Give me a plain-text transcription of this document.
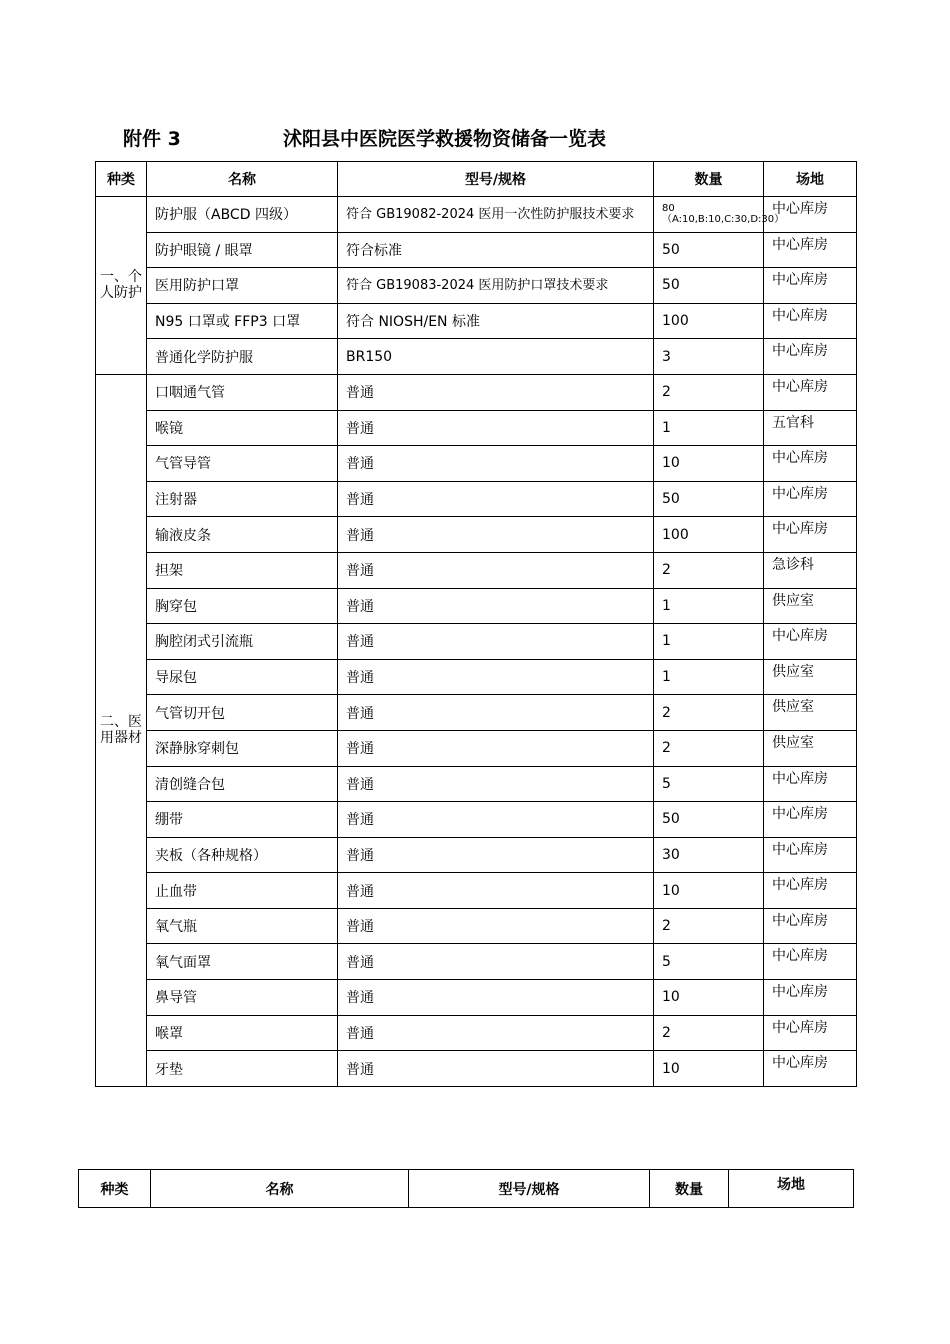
附件 3	沭阳县中医院医学救援物资储备一览表
种类	名称	型号/规格	数量	场地
一、个人防护	防护服（ABCD 四级）	符合 GB19082-2024 医用一次性防护服技术要求	80（A:10,B:10,C:30,D:30）	中心库房
	防护眼镜 / 眼罩	符合标准	50	中心库房
	医用防护口罩	符合 GB19083-2024 医用防护口罩技术要求	50	中心库房
	N95 口罩或 FFP3 口罩	符合 NIOSH/EN 标准	100	中心库房
	普通化学防护服	BR150	3	中心库房
二、医用器材	口咽通气管	普通	2	中心库房
	喉镜	普通	1	五官科
	气管导管	普通	10	中心库房
	注射器	普通	50	中心库房
	输液皮条	普通	100	中心库房
	担架	普通	2	急诊科
	胸穿包	普通	1	供应室
	胸腔闭式引流瓶	普通	1	中心库房
	导尿包	普通	1	供应室
	气管切开包	普通	2	供应室
	深静脉穿刺包	普通	2	供应室
	清创缝合包	普通	5	中心库房
	绷带	普通	50	中心库房
	夹板（各种规格）	普通	30	中心库房
	止血带	普通	10	中心库房
	氧气瓶	普通	2	中心库房
	氧气面罩	普通	5	中心库房
	鼻导管	普通	10	中心库房
	喉罩	普通	2	中心库房
	牙垫	普通	10	中心库房
种类	名称	型号/规格	数量	场地
